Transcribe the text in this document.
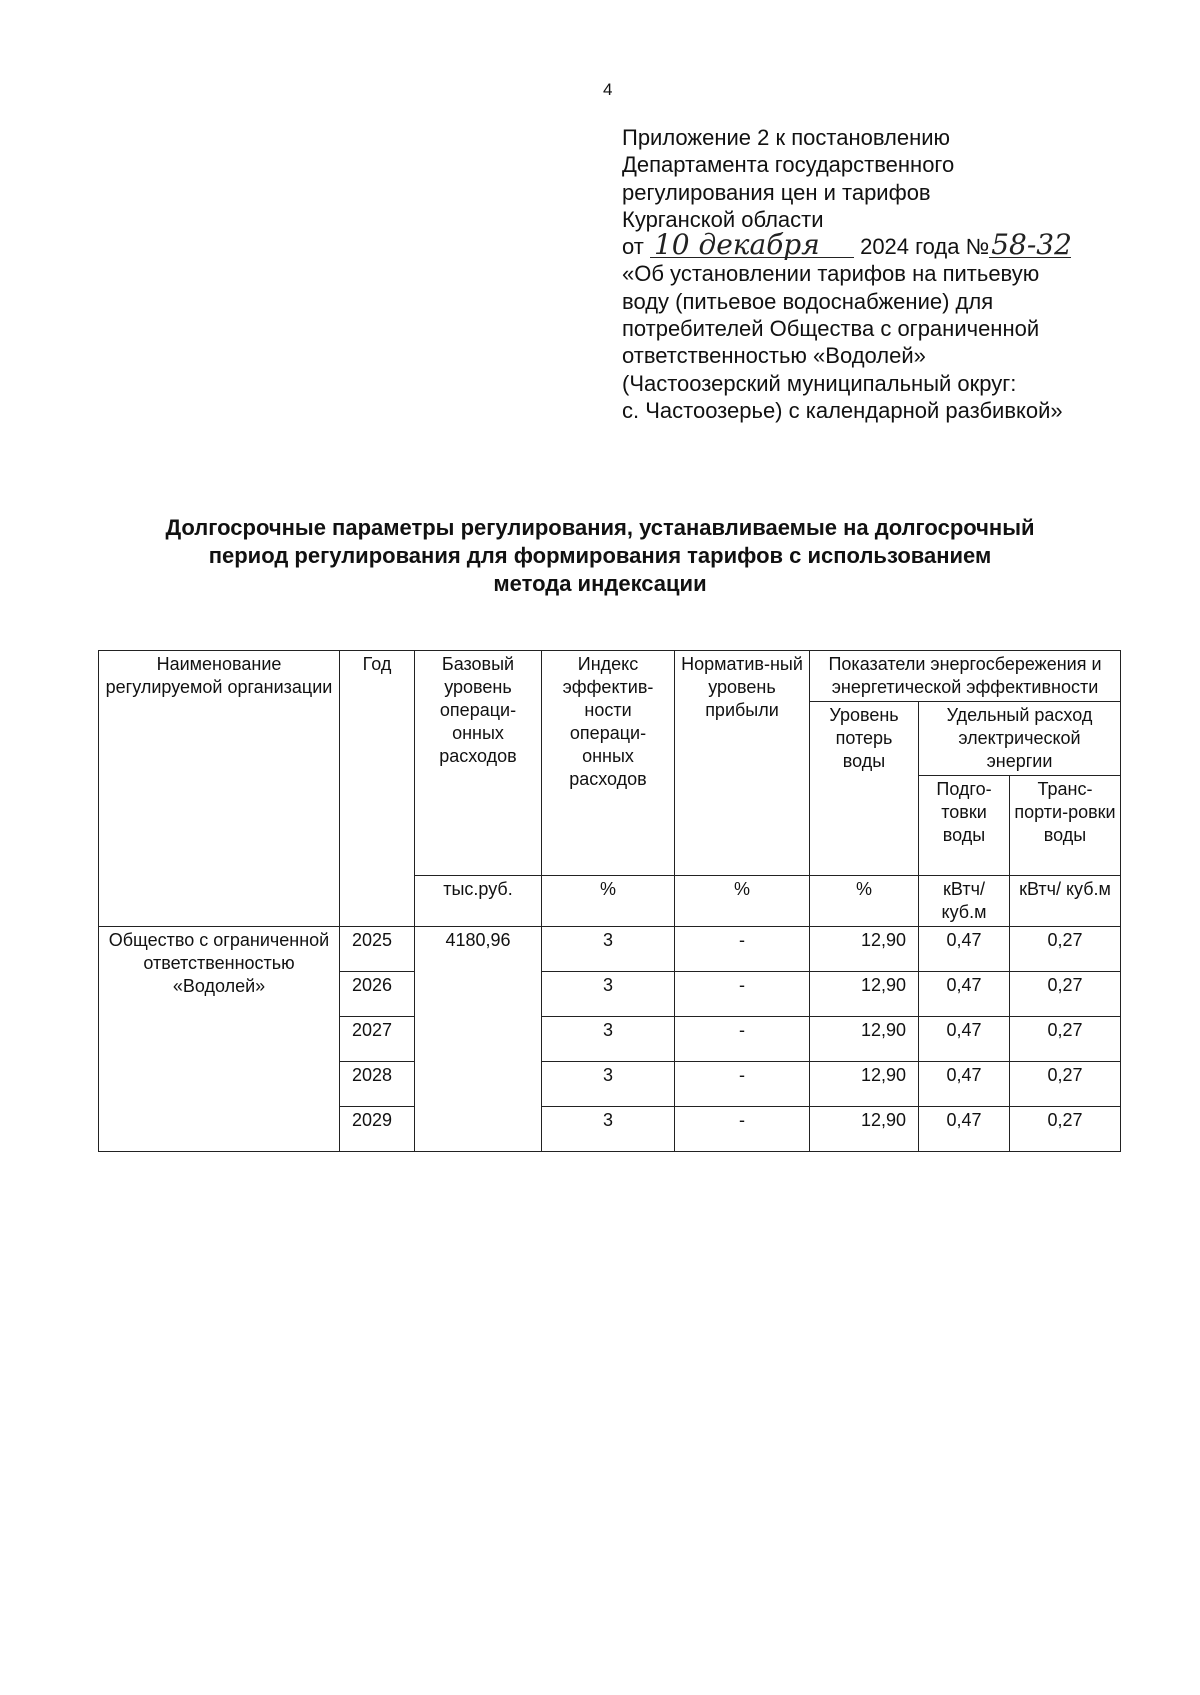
4
Приложение 2 к постановлению
Департамента государственного
регулирования цен и тарифов
Курганской области
от 10 декабря 2024 года №58-32
«Об установлении тарифов на питьевую
воду (питьевое водоснабжение) для
потребителей Общества с ограниченной
ответственностью «Водолей»
(Частоозерский муниципальный округ:
с. Частоозерье) с календарной разбивкой»
Долгосрочные параметры регулирования, устанавливаемые на долгосрочный
период регулирования для формирования тарифов с использованием
метода индексации
Наименование регулируемой организации	Год	Базовый уровень операци-онных расходов	Индекс эффектив-ности операци-онных расходов	Норматив-ный уровень прибыли	Показатели энергосбережения и энергетической эффективности		
					Уровень потерь воды	Удельный расход электрической энергии	
						Подго-товки воды	Транс-порти-ровки воды
		тыс.руб.	%	%	%	кВтч/ куб.м	кВтч/ куб.м
Общество с ограниченной ответственностью «Водолей»	2025	4180,96	3	-	12,90	0,47	0,27
	2026		3	-	12,90	0,47	0,27
	2027		3	-	12,90	0,47	0,27
	2028		3	-	12,90	0,47	0,27
	2029		3	-	12,90	0,47	0,27
